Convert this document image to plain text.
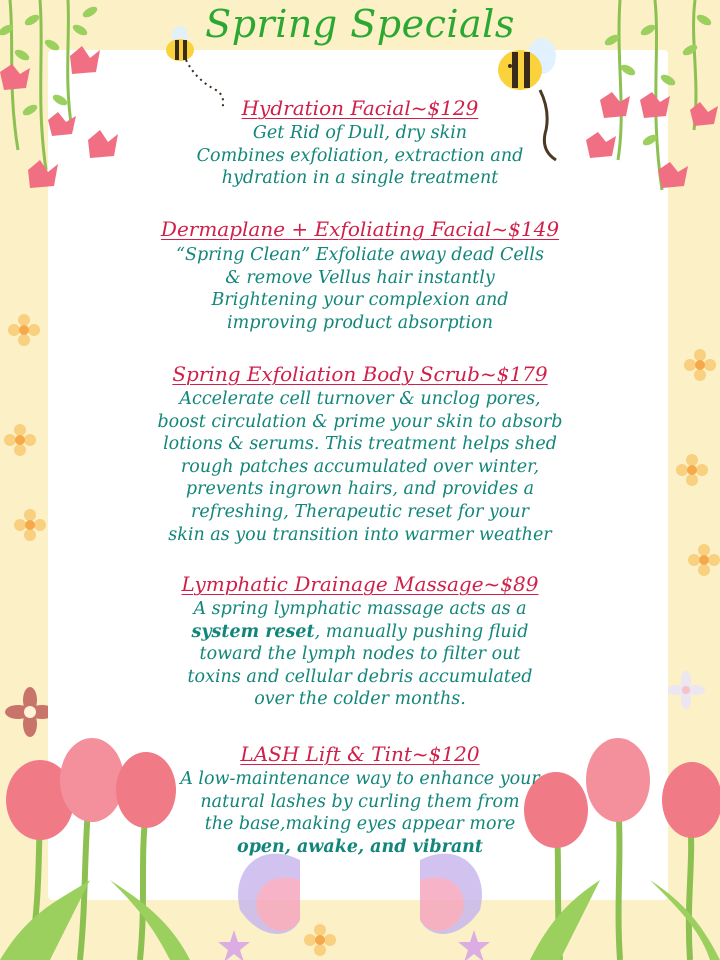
Spring Specials
Hydration Facial~$129
Get Rid of Dull, dry skin
Combines exfoliation, extraction and
hydration in a single treatment
Dermaplane + Exfoliating Facial~$149
“Spring Clean” Exfoliate away dead Cells
& remove Vellus hair instantly
Brightening your complexion and
improving product absorption
Spring Exfoliation Body Scrub~$179
Accelerate cell turnover & unclog pores,
boost circulation & prime your skin to absorb
lotions & serums. This treatment helps shed
rough patches accumulated over winter,
prevents ingrown hairs, and provides a
refreshing, Therapeutic reset for your
skin as you transition into warmer weather
Lymphatic Drainage Massage~$89
A spring lymphatic massage acts as a
system reset, manually pushing fluid
toward the lymph nodes to filter out
toxins and cellular debris accumulated
over the colder months.
LASH Lift & Tint~$120
A low-maintenance way to enhance your
natural lashes by curling them from
the base,making eyes appear more
open, awake, and vibrant
